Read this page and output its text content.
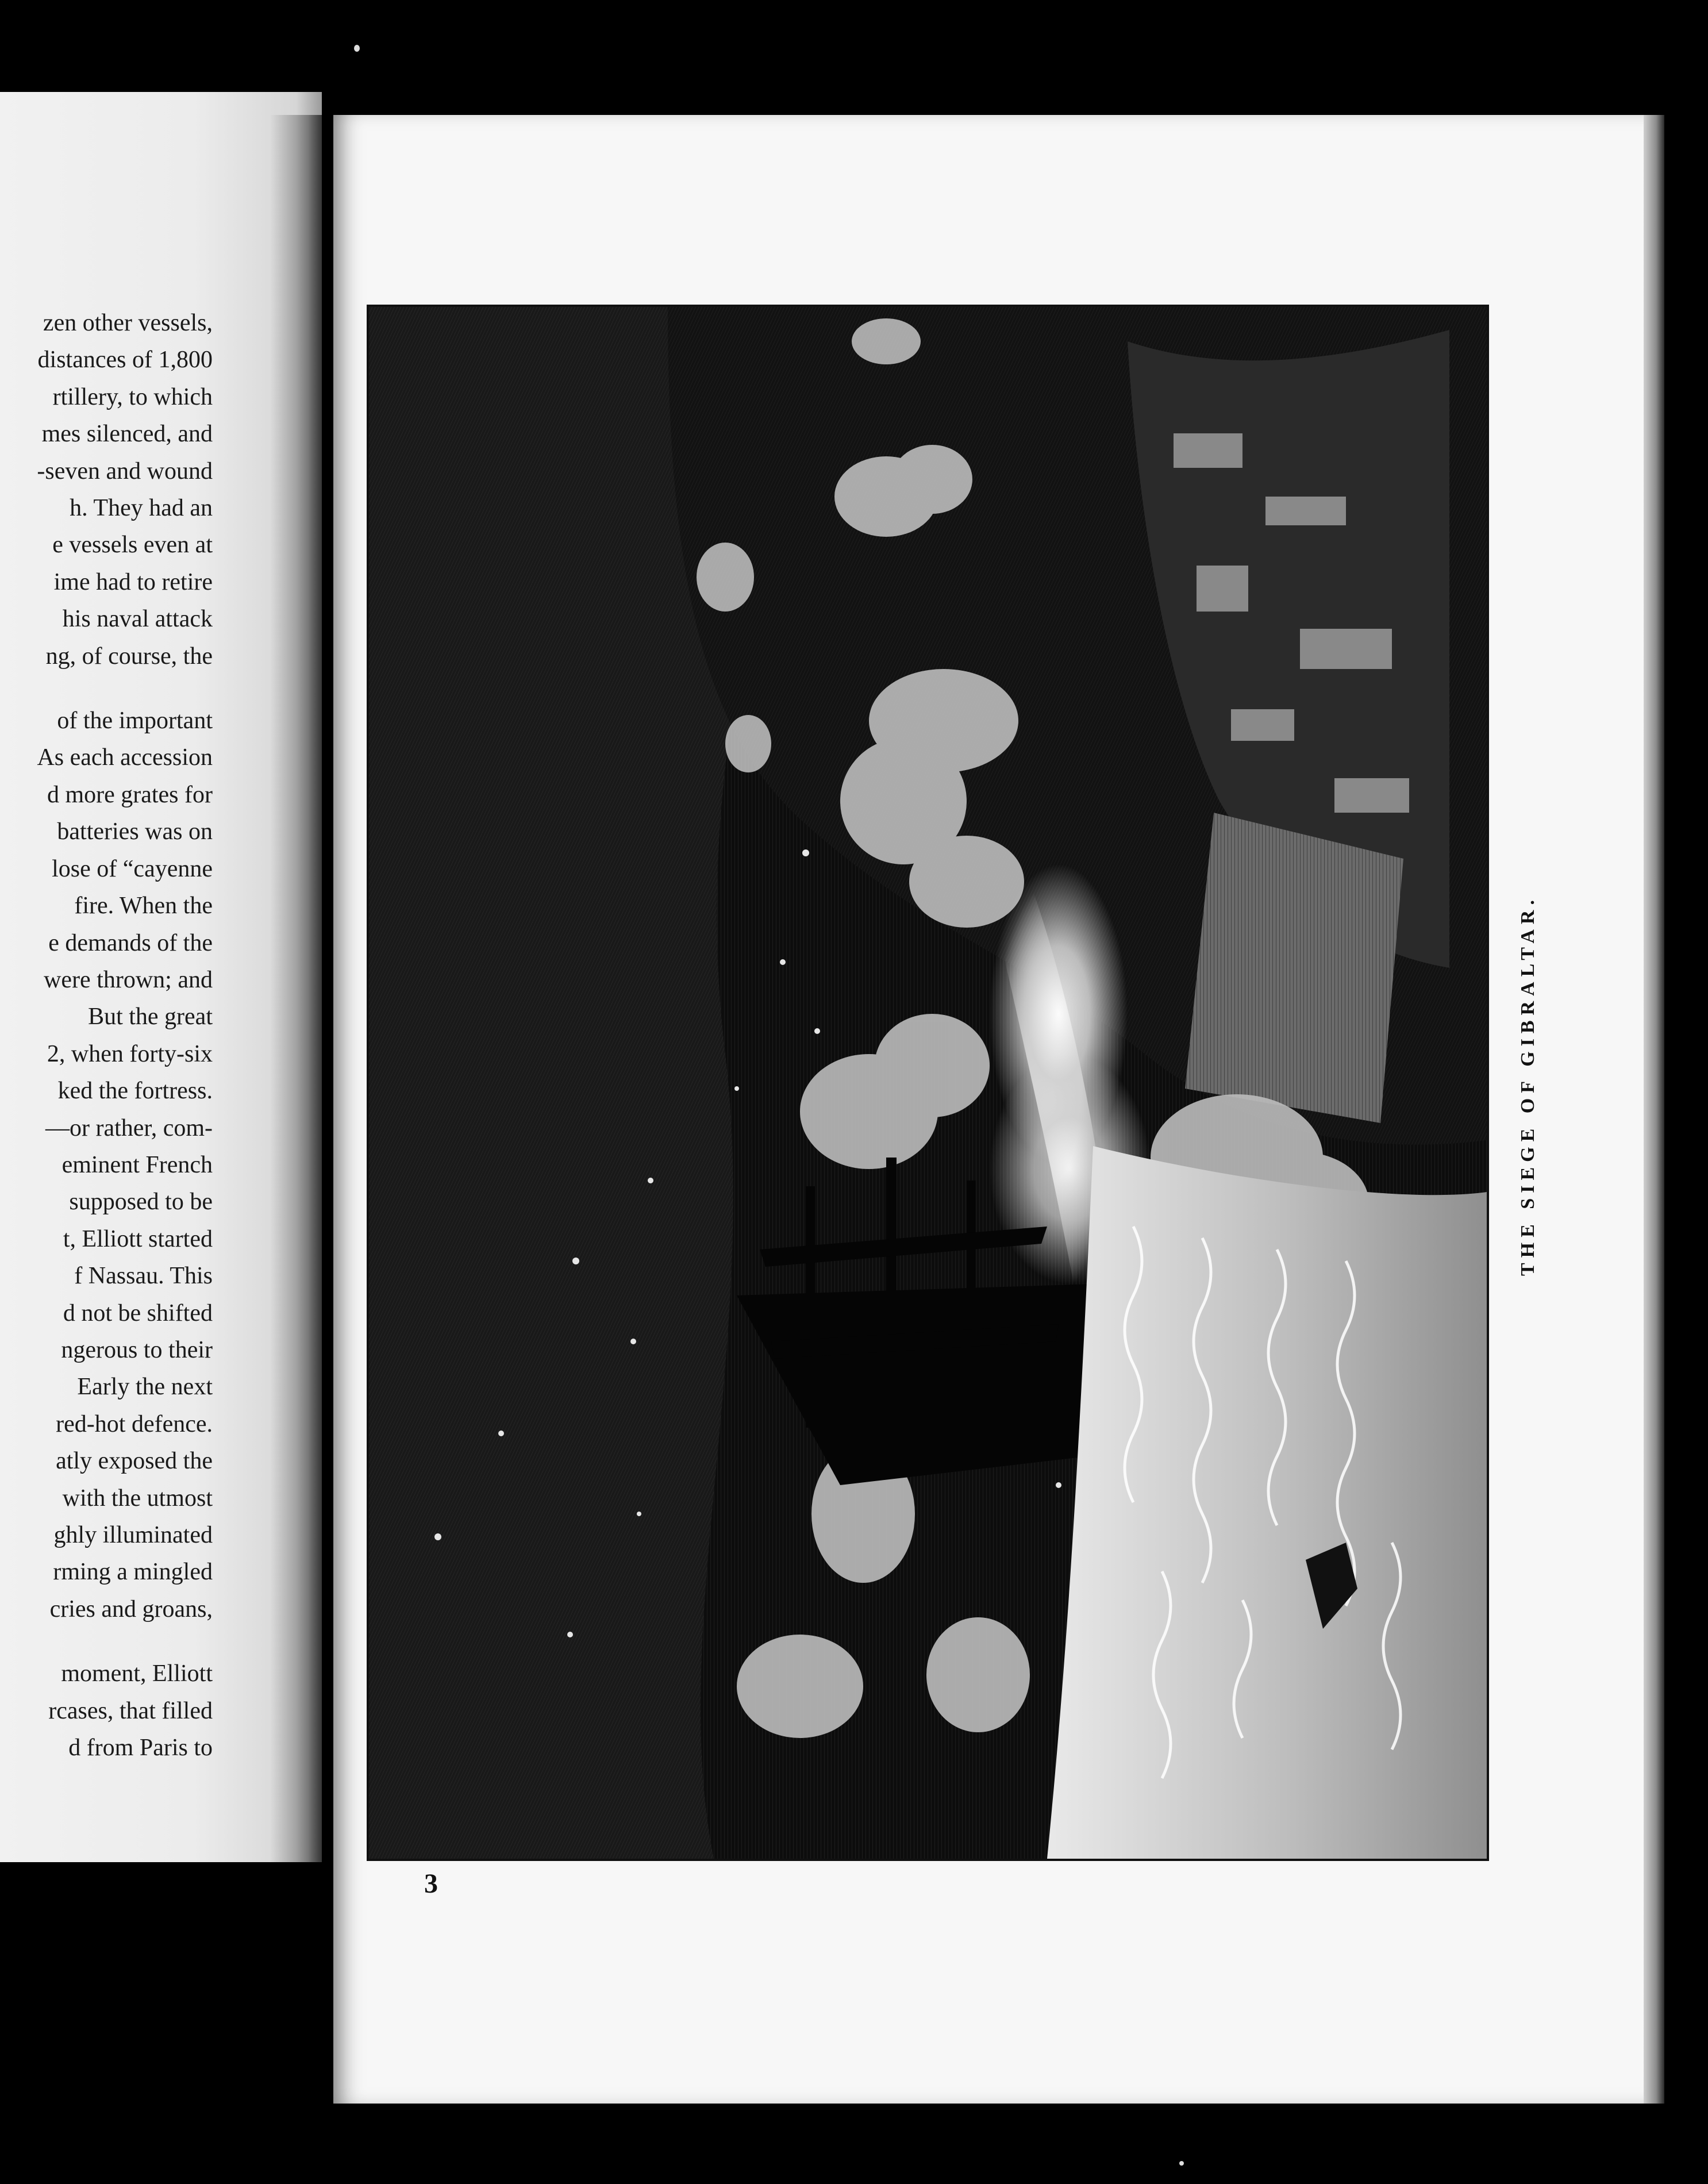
zen other vessels,
distances of 1,800
rtillery, to which
mes silenced, and
-seven and wound
h. They had an
e vessels even at
ime had to retire
his naval attack
ng, of course, the
of the important
As each accession
d more grates for
batteries was on
lose of “cayenne
fire. When the
e demands of the
were thrown; and
But the great
2, when forty-six
ked the fortress.
—or rather, com-
eminent French
supposed to be
t, Elliott started
f Nassau. This
d not be shifted
ngerous to their
Early the next
red-hot defence.
atly exposed the
with the utmost
ghly illuminated
rming a mingled
cries and groans,
moment, Elliott
rcases, that filled
d from Paris to
THE SIEGE OF GIBRALTAR.
3
